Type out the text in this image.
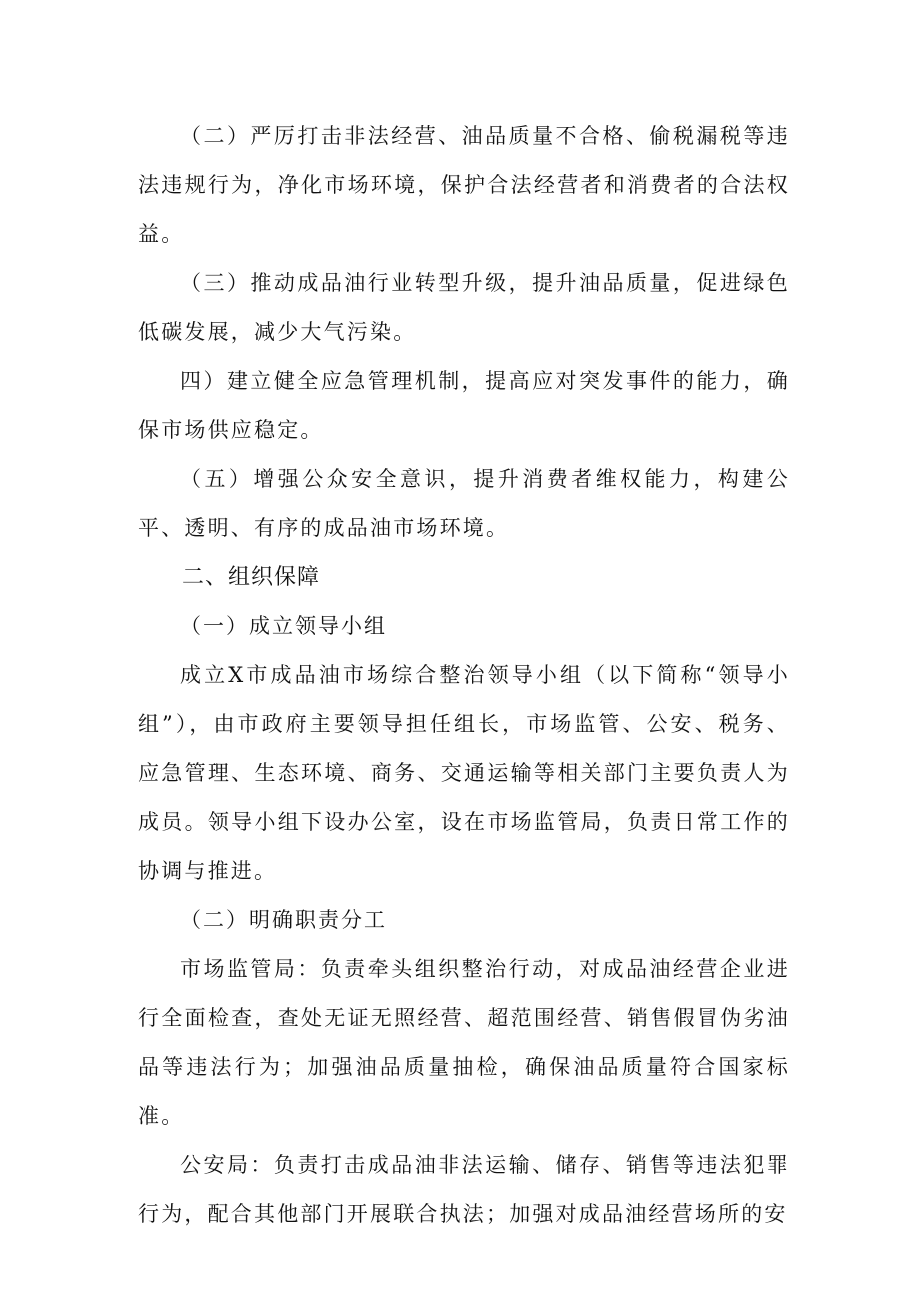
（二）严厉打击非法经营、油品质量不合格、偷税漏税等违法违规行为，净化市场环境，保护合法经营者和消费者的合法权益。

（三）推动成品油行业转型升级，提升油品质量，促进绿色低碳发展，减少大气污染。

四）建立健全应急管理机制，提高应对突发事件的能力，确保市场供应稳定。

（五）增强公众安全意识，提升消费者维权能力，构建公平、透明、有序的成品油市场环境。

二、组织保障

（一）成立领导小组

成立X市成品油市场综合整治领导小组（以下简称“领导小组”），由市政府主要领导担任组长，市场监管、公安、税务、应急管理、生态环境、商务、交通运输等相关部门主要负责人为成员。领导小组下设办公室，设在市场监管局，负责日常工作的协调与推进。

（二）明确职责分工

市场监管局：负责牵头组织整治行动，对成品油经营企业进行全面检查，查处无证无照经营、超范围经营、销售假冒伪劣油品等违法行为；加强油品质量抽检，确保油品质量符合国家标准。

公安局：负责打击成品油非法运输、储存、销售等违法犯罪行为，配合其他部门开展联合执法；加强对成品油经营场所的安
